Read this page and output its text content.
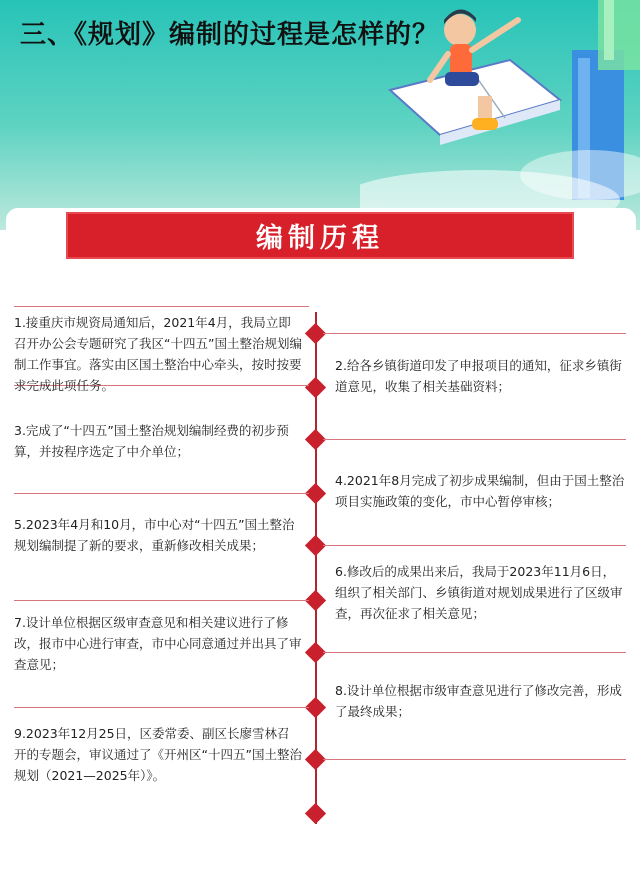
三、《规划》编制的过程是怎样的？
编制历程

1.接重庆市规资局通知后，2021年4月，我局立即召开办公会专题研究了我区“十四五”国土整治规划编制工作事宜。落实由区国土整治中心牵头，按时按要求完成此项任务。

2.给各乡镇街道印发了申报项目的通知，征求乡镇街道意见，收集了相关基础资料；

3.完成了“十四五”国土整治规划编制经费的初步预算，并按程序选定了中介单位；

4.2021年8月完成了初步成果编制，但由于国土整治项目实施政策的变化，市中心暂停审核；

5.2023年4月和10月，市中心对“十四五”国土整治规划编制提了新的要求，重新修改相关成果；

6.修改后的成果出来后，我局于2023年11月6日，组织了相关部门、乡镇街道对规划成果进行了区级审查，再次征求了相关意见；

7.设计单位根据区级审查意见和相关建议进行了修改，报市中心进行审查，市中心同意通过并出具了审查意见；

8.设计单位根据市级审查意见进行了修改完善，形成了最终成果；

9.2023年12月25日，区委常委、副区长廖雪林召开的专题会，审议通过了《开州区“十四五”国土整治规划（2021—2025年）》。
